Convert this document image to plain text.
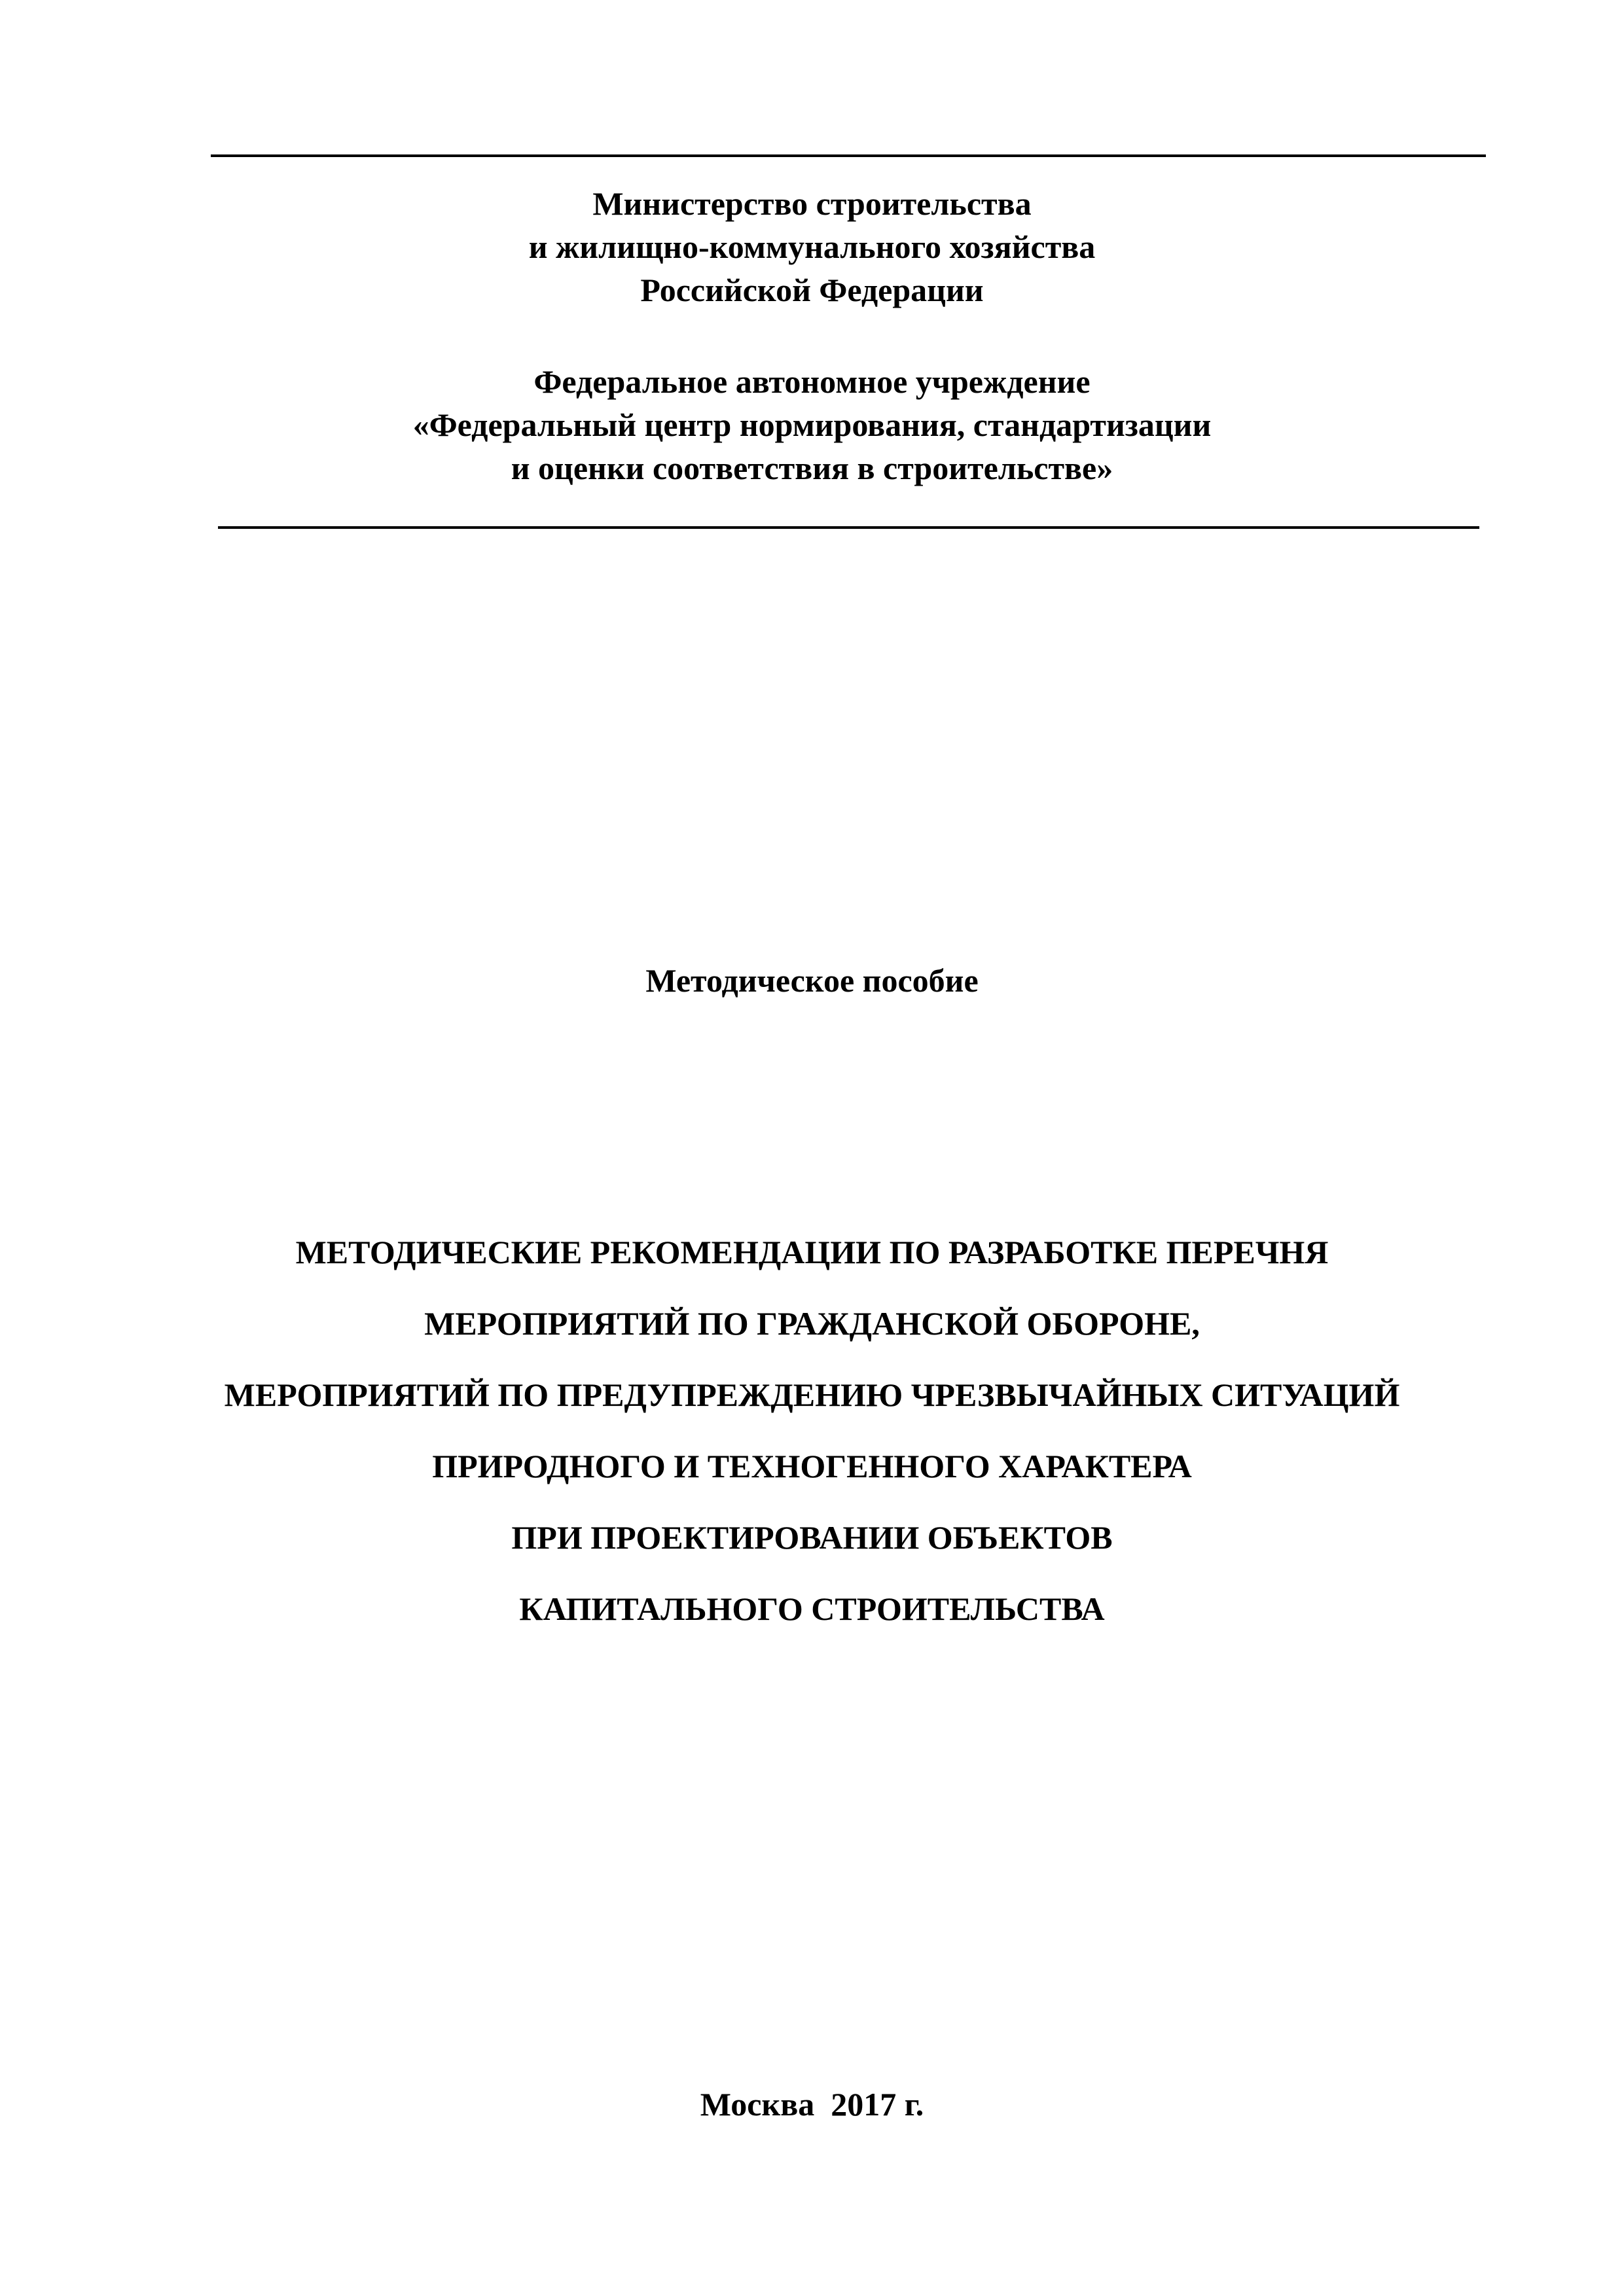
Министерство строительства
и жилищно-коммунального хозяйства
Российской Федерации
Федеральное автономное учреждение
«Федеральный центр нормирования, стандартизации
и оценки соответствия в строительстве»
Методическое пособие
МЕТОДИЧЕСКИЕ РЕКОМЕНДАЦИИ ПО РАЗРАБОТКЕ ПЕРЕЧНЯ
МЕРОПРИЯТИЙ ПО ГРАЖДАНСКОЙ ОБОРОНЕ,
МЕРОПРИЯТИЙ ПО ПРЕДУПРЕЖДЕНИЮ ЧРЕЗВЫЧАЙНЫХ СИТУАЦИЙ
ПРИРОДНОГО И ТЕХНОГЕННОГО ХАРАКТЕРА
ПРИ ПРОЕКТИРОВАНИИ ОБЪЕКТОВ
КАПИТАЛЬНОГО СТРОИТЕЛЬСТВА
Москва  2017 г.
